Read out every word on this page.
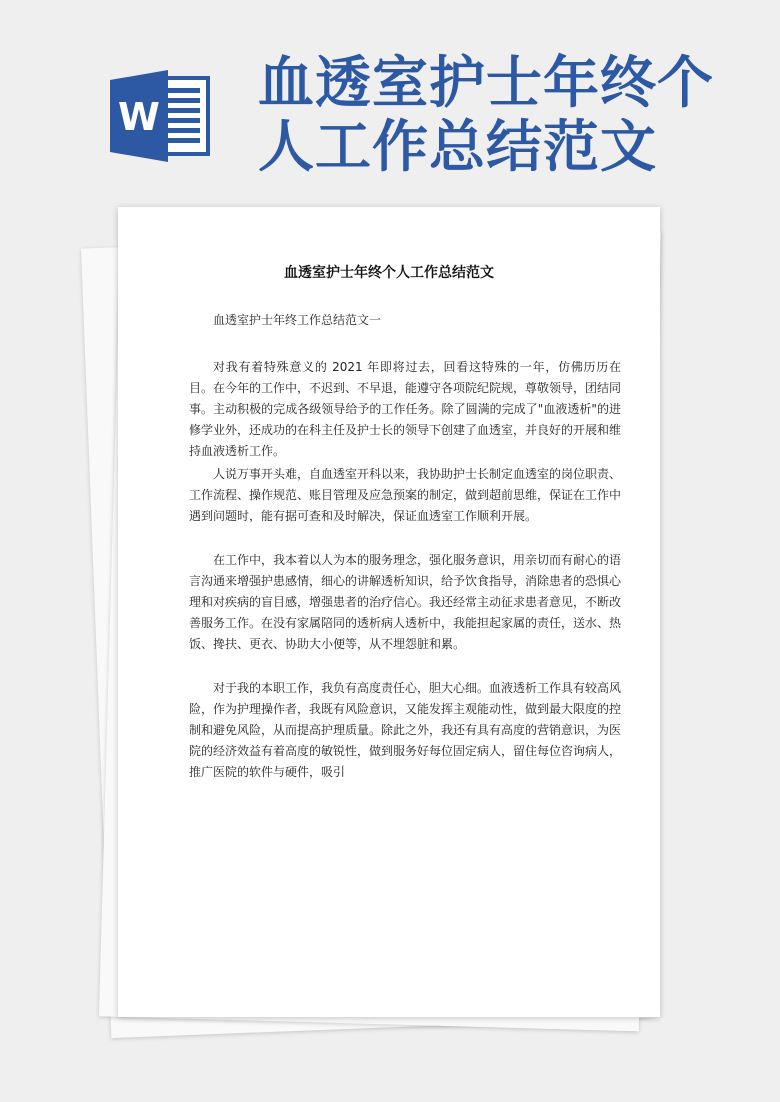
W
血透室护士年终个人工作总结范文
血透室护士年终个人工作总结范文
血透室护士年终工作总结范文一

对我有着特殊意义的 2021 年即将过去，回看这特殊的一年，仿佛历历在目。在今年的工作中，不迟到、不早退，能遵守各项院纪院规，尊敬领导，团结同事。主动积极的完成各级领导给予的工作任务。除了圆满的完成了"血液透析"的进修学业外，还成功的在科主任及护士长的领导下创建了血透室，并良好的开展和维持血液透析工作。

人说万事开头难，自血透室开科以来，我协助护士长制定血透室的岗位职责、工作流程、操作规范、账目管理及应急预案的制定，做到超前思维，保证在工作中遇到问题时，能有据可查和及时解决，保证血透室工作顺利开展。

在工作中，我本着以人为本的服务理念，强化服务意识，用亲切而有耐心的语言沟通来增强护患感情，细心的讲解透析知识，给予饮食指导，消除患者的恐惧心理和对疾病的盲目感，增强患者的治疗信心。我还经常主动征求患者意见，不断改善服务工作。在没有家属陪同的透析病人透析中，我能担起家属的责任，送水、热饭、搀扶、更衣、协助大小便等，从不埋怨脏和累。

对于我的本职工作，我负有高度责任心，胆大心细。血液透析工作具有较高风险，作为护理操作者，我既有风险意识，又能发挥主观能动性，做到最大限度的控制和避免风险，从而提高护理质量。除此之外，我还有具有高度的营销意识，为医院的经济效益有着高度的敏锐性，做到服务好每位固定病人，留住每位咨询病人，推广医院的软件与硬件，吸引
